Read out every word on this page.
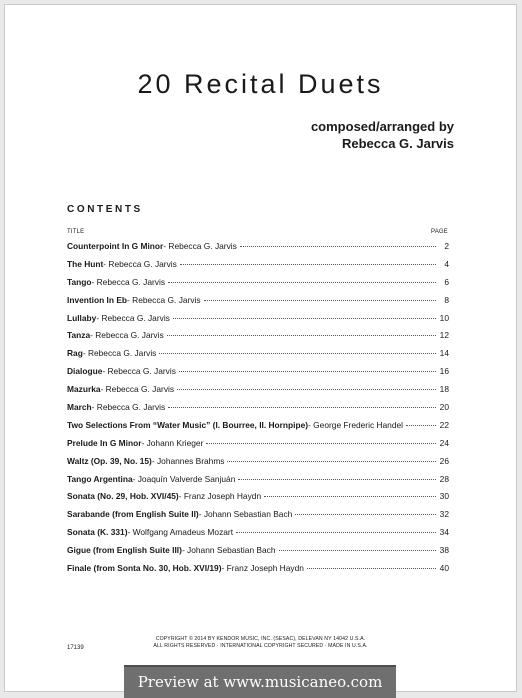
20 Recital Duets
composed/arranged by
Rebecca G. Jarvis
CONTENTS
TITLE	PAGE
Counterpoint In G Minor - Rebecca G. Jarvis	2
The Hunt - Rebecca G. Jarvis	4
Tango - Rebecca G. Jarvis	6
Invention In Eb - Rebecca G. Jarvis	8
Lullaby - Rebecca G. Jarvis	10
Tanza - Rebecca G. Jarvis	12
Rag - Rebecca G. Jarvis	14
Dialogue - Rebecca G. Jarvis	16
Mazurka - Rebecca G. Jarvis	18
March - Rebecca G. Jarvis	20
Two Selections From “Water Music” (I. Bourree, II. Hornpipe) - George Frederic Handel	22
Prelude In G Minor - Johann Krieger	24
Waltz (Op. 39, No. 15) - Johannes Brahms	26
Tango Argentina - Joaquín Valverde Sanjuán	28
Sonata (No. 29, Hob. XVI/45) - Franz Joseph Haydn	30
Sarabande (from English Suite II) - Johann Sebastian Bach	32
Sonata (K. 331) - Wolfgang Amadeus Mozart	34
Gigue (from English Suite III) - Johann Sebastian Bach	38
Finale (from Sonta No. 30, Hob. XVI/19) - Franz Joseph Haydn	40
17139
COPYRIGHT © 2014 BY KENDOR MUSIC, INC. (SESAC), DELEVAN NY 14042 U.S.A.
ALL RIGHTS RESERVED · INTERNATIONAL COPYRIGHT SECURED · MADE IN U.S.A.
Preview at www.musicaneo.com
